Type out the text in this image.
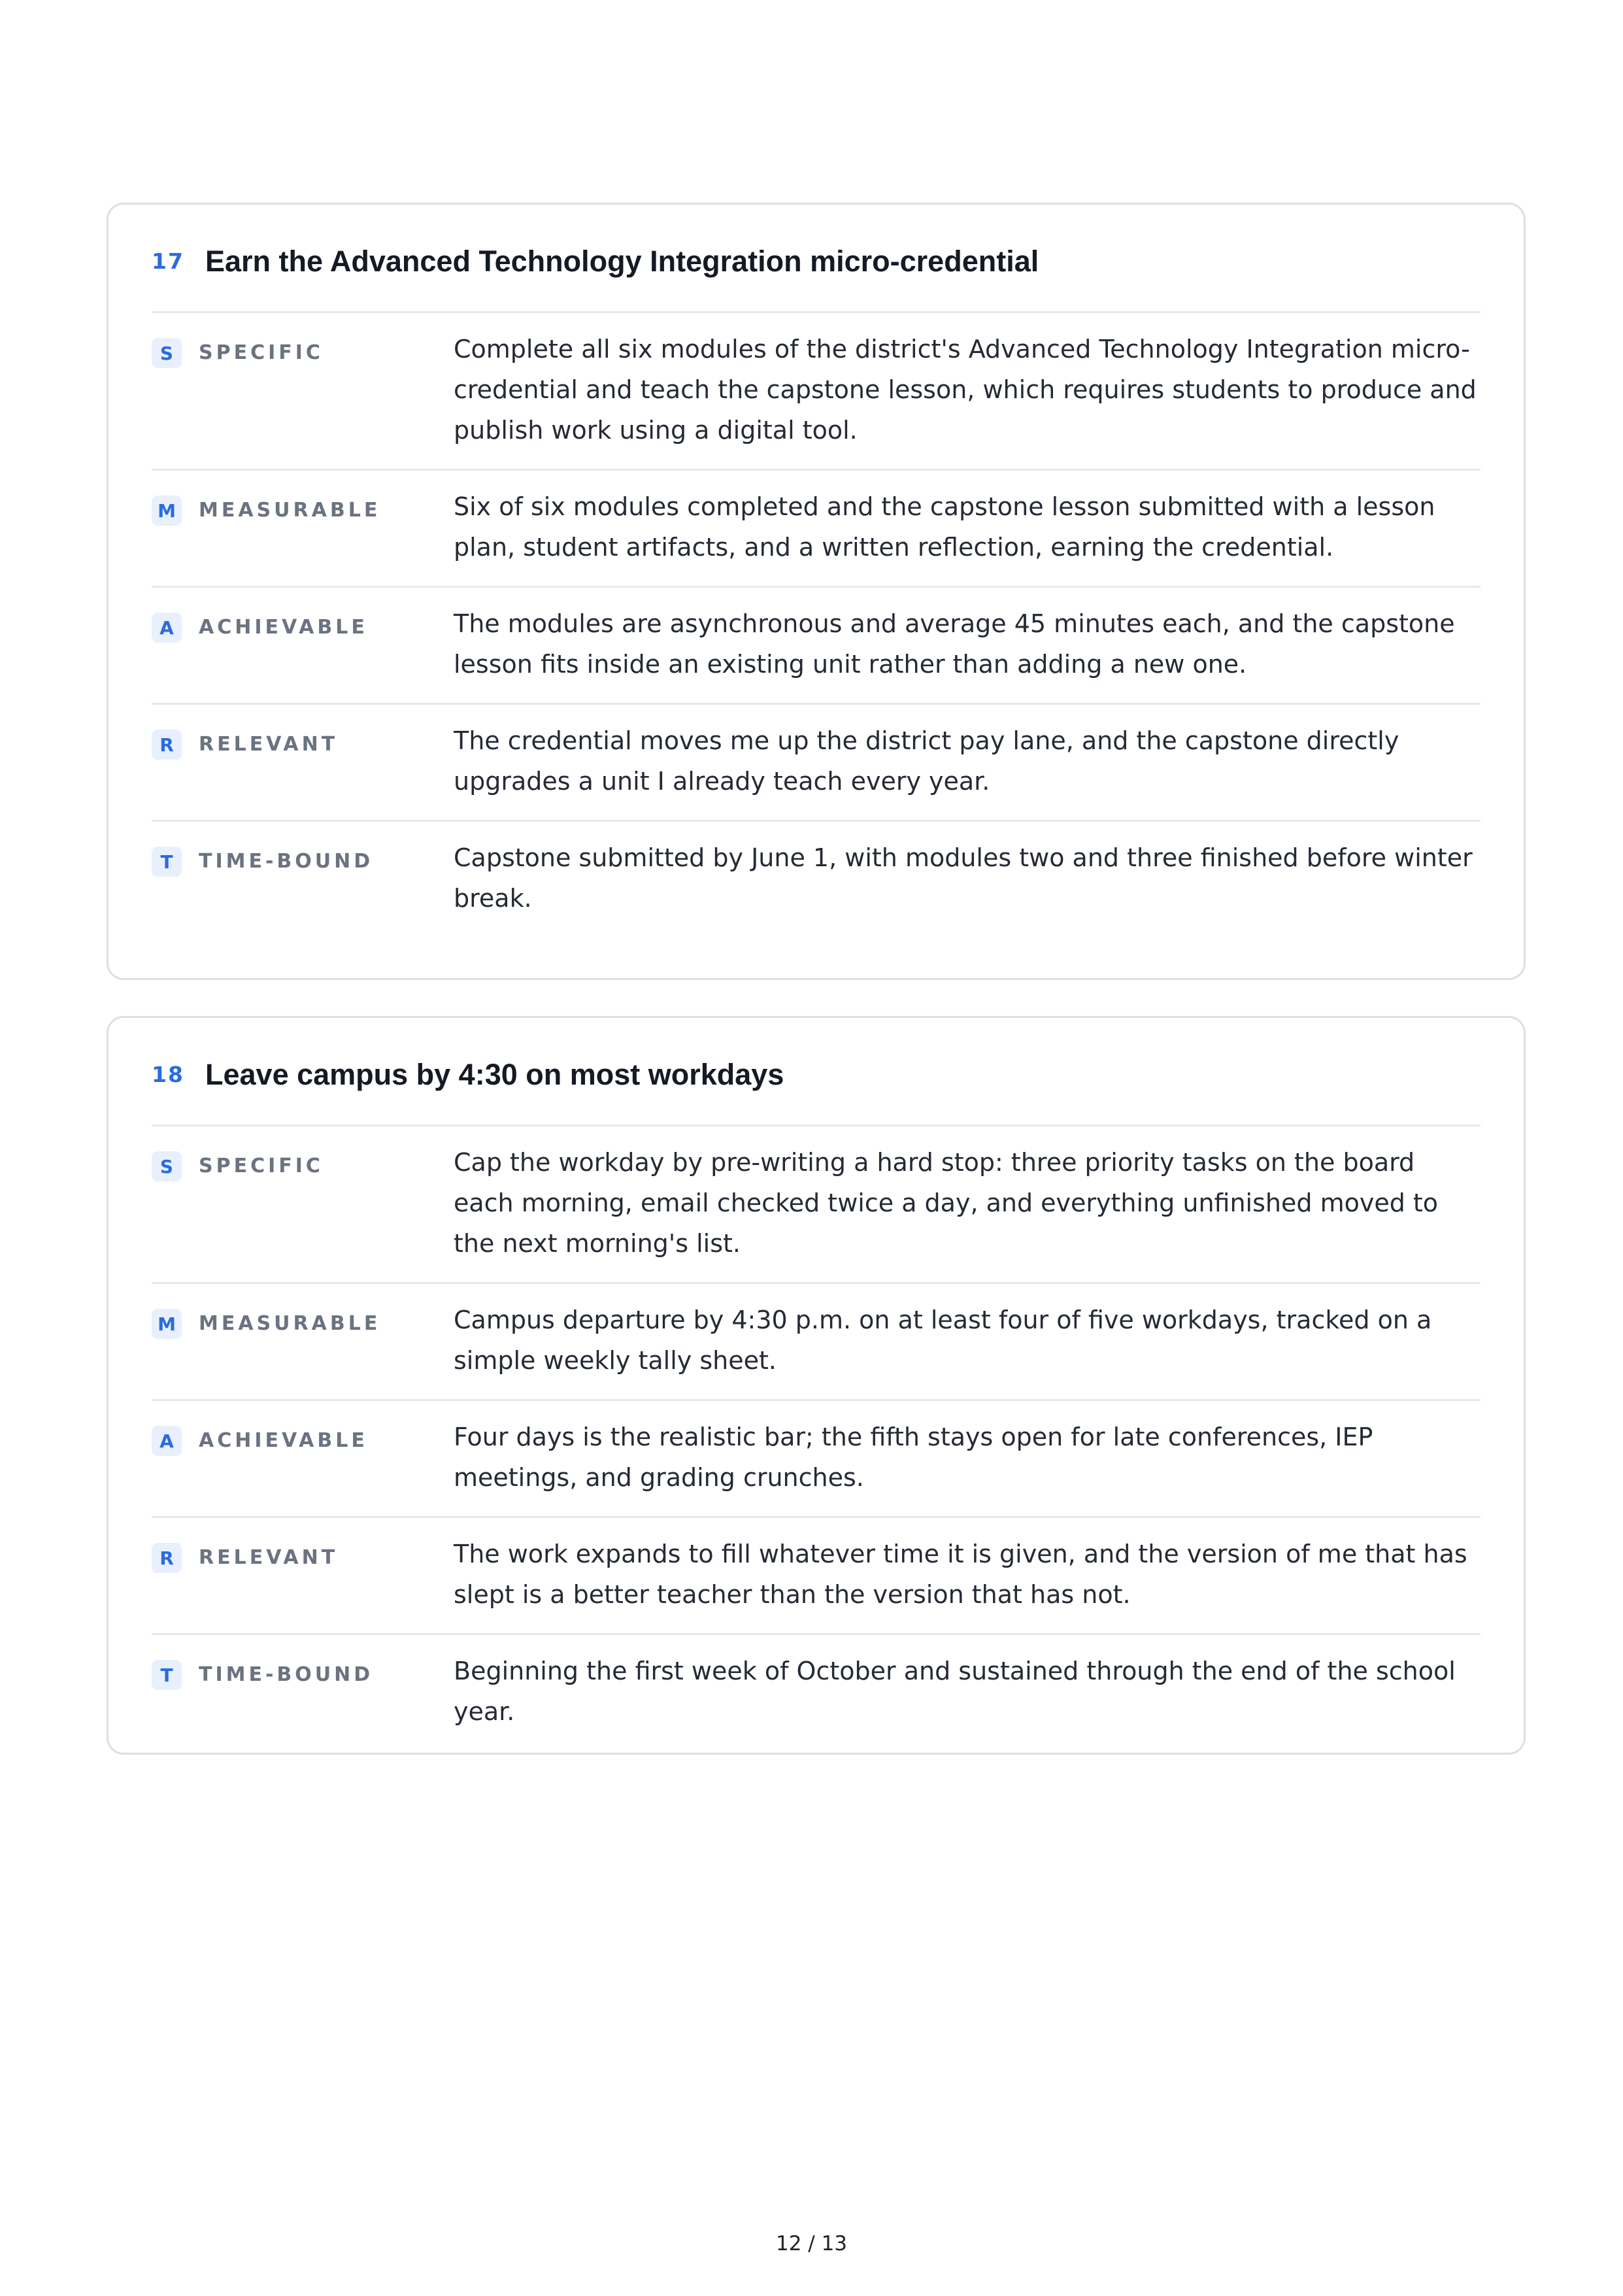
17 Earn the Advanced Technology Integration micro-credential
S	SPECIFIC	Complete all six modules of the district's Advanced Technology Integration micro-credential and teach the capstone lesson, which requires students to produce and publish work using a digital tool.
M	MEASURABLE	Six of six modules completed and the capstone lesson submitted with a lesson plan, student artifacts, and a written reflection, earning the credential.
A	ACHIEVABLE	The modules are asynchronous and average 45 minutes each, and the capstone lesson fits inside an existing unit rather than adding a new one.
R	RELEVANT	The credential moves me up the district pay lane, and the capstone directly upgrades a unit I already teach every year.
T	TIME-BOUND	Capstone submitted by June 1, with modules two and three finished before winter break.
18 Leave campus by 4:30 on most workdays
S	SPECIFIC	Cap the workday by pre-writing a hard stop: three priority tasks on the board each morning, email checked twice a day, and everything unfinished moved to the next morning's list.
M	MEASURABLE	Campus departure by 4:30 p.m. on at least four of five workdays, tracked on a simple weekly tally sheet.
A	ACHIEVABLE	Four days is the realistic bar; the fifth stays open for late conferences, IEP meetings, and grading crunches.
R	RELEVANT	The work expands to fill whatever time it is given, and the version of me that has slept is a better teacher than the version that has not.
T	TIME-BOUND	Beginning the first week of October and sustained through the end of the school year.
12 / 13
